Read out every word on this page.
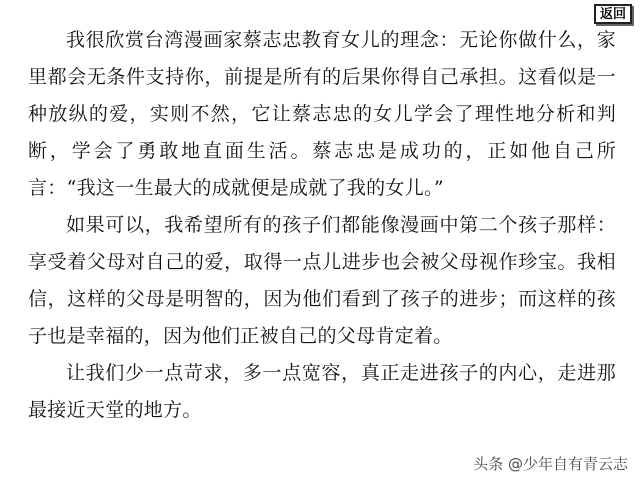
返回

我很欣赏台湾漫画家蔡志忠教育女儿的理念：无论你做什么，家里都会无条件支持你，前提是所有的后果你得自己承担。这看似是一种放纵的爱，实则不然，它让蔡志忠的女儿学会了理性地分析和判断，学会了勇敢地直面生活。蔡志忠是成功的，正如他自己所言：“我这一生最大的成就便是成就了我的女儿。”

如果可以，我希望所有的孩子们都能像漫画中第二个孩子那样：享受着父母对自己的爱，取得一点儿进步也会被父母视作珍宝。我相信，这样的父母是明智的，因为他们看到了孩子的进步；而这样的孩子也是幸福的，因为他们正被自己的父母肯定着。

让我们少一点苛求，多一点宽容，真正走进孩子的内心，走进那最接近天堂的地方。

头条 @少年自有青云志
